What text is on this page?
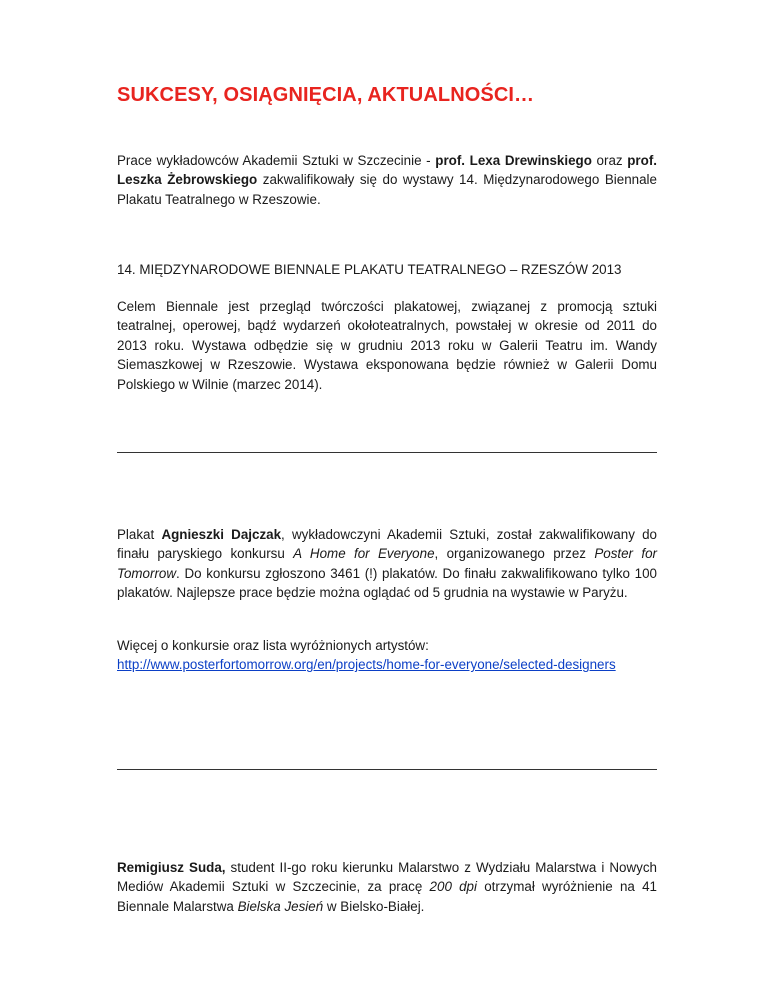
SUKCESY, OSIĄGNIĘCIA, AKTUALNOŚCI…

Prace wykładowców Akademii Sztuki w Szczecinie - prof. Lexa Drewinskiego oraz prof. Leszka Żebrowskiego zakwalifikowały się do wystawy 14. Międzynarodowego Biennale Plakatu Teatralnego w Rzeszowie.

14. MIĘDZYNARODOWE BIENNALE PLAKATU TEATRALNEGO – RZESZÓW 2013

Celem Biennale jest przegląd twórczości plakatowej, związanej z promocją sztuki teatralnej, operowej, bądź wydarzeń okołoteatralnych, powstałej w okresie od 2011 do 2013 roku. Wystawa odbędzie się w grudniu 2013 roku w Galerii Teatru im. Wandy Siemaszkowej w Rzeszowie. Wystawa eksponowana będzie również w Galerii Domu Polskiego w Wilnie (marzec 2014).

Plakat Agnieszki Dajczak, wykładowczyni Akademii Sztuki, został zakwalifikowany do finału paryskiego konkursu A Home for Everyone, organizowanego przez Poster for Tomorrow. Do konkursu zgłoszono 3461 (!) plakatów. Do finału zakwalifikowano tylko 100 plakatów. Najlepsze prace będzie można oglądać od 5 grudnia na wystawie w Paryżu.

Więcej o konkursie oraz lista wyróżnionych artystów:
http://www.posterfortomorrow.org/en/projects/home-for-everyone/selected-designers

Remigiusz Suda, student II-go roku kierunku Malarstwo z Wydziału Malarstwa i Nowych Mediów Akademii Sztuki w Szczecinie, za pracę 200 dpi otrzymał wyróżnienie na 41 Biennale Malarstwa Bielska Jesień w Bielsko-Białej.
